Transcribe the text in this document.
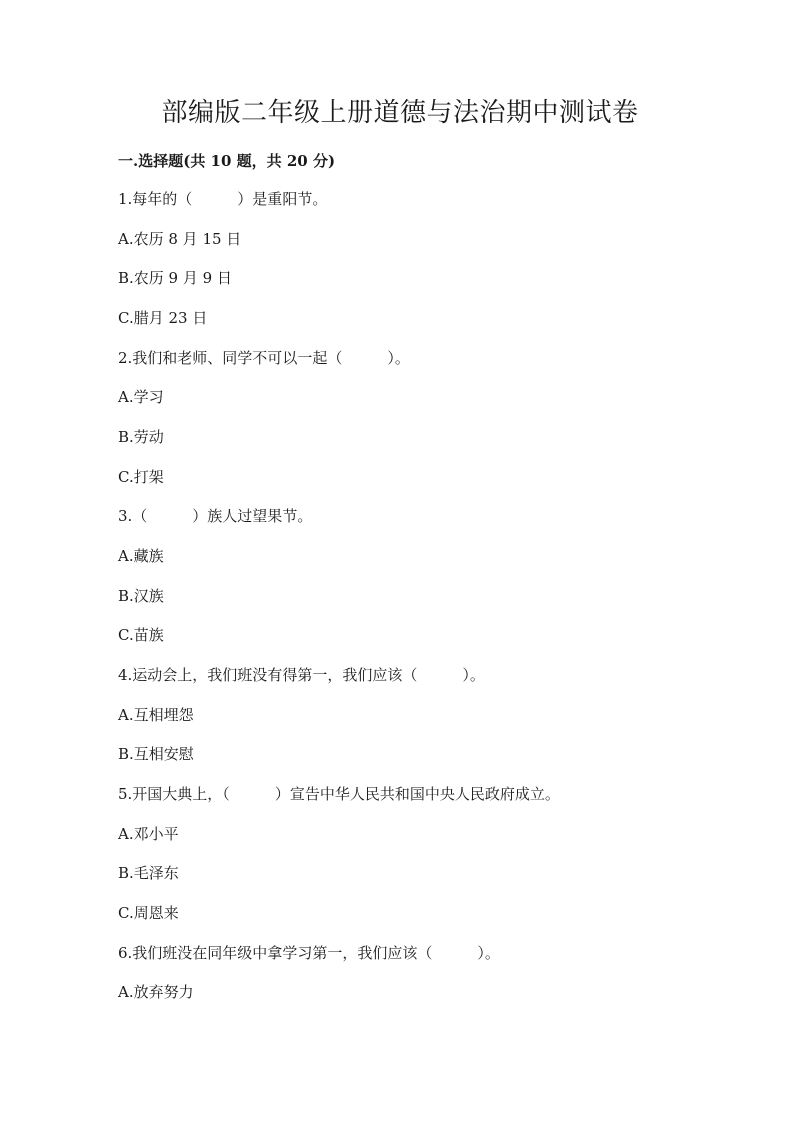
部编版二年级上册道德与法治期中测试卷
一.选择题(共 10 题，共 20 分)
1.每年的（　　　）是重阳节。
A.农历 8 月 15 日
B.农历 9 月 9 日
C.腊月 23 日
2.我们和老师、同学不可以一起（　　　）。
A.学习
B.劳动
C.打架
3.（　　　）族人过望果节。
A.藏族
B.汉族
C.苗族
4.运动会上，我们班没有得第一，我们应该（　　　）。
A.互相埋怨
B.互相安慰
5.开国大典上，（　　　）宣告中华人民共和国中央人民政府成立。
A.邓小平
B.毛泽东
C.周恩来
6.我们班没在同年级中拿学习第一，我们应该（　　　）。
A.放弃努力
